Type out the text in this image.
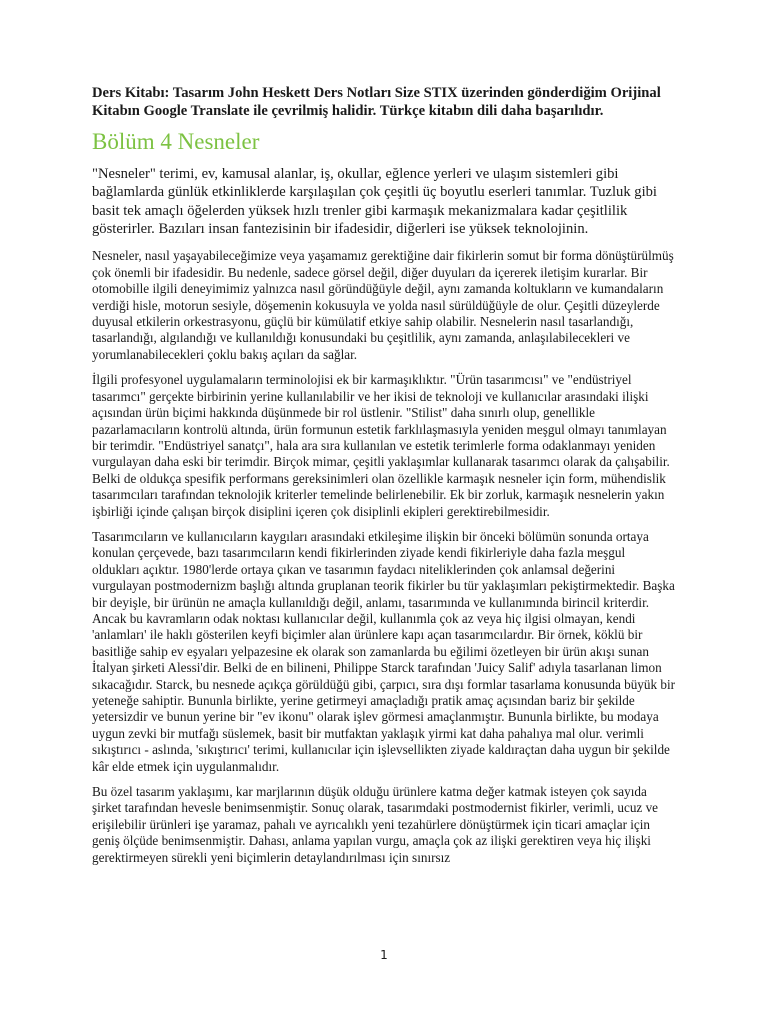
Ders Kitabı: Tasarım John Heskett Ders Notları Size STIX üzerinden gönderdiğim Orijinal Kitabın Google Translate ile çevrilmiş halidir. Türkçe kitabın dili daha başarılıdır.
Bölüm 4 Nesneler

"Nesneler" terimi, ev, kamusal alanlar, iş, okullar, eğlence yerleri ve ulaşım sistemleri gibi bağlamlarda günlük etkinliklerde karşılaşılan çok çeşitli üç boyutlu eserleri tanımlar. Tuzluk gibi basit tek amaçlı öğelerden yüksek hızlı trenler gibi karmaşık mekanizmalara kadar çeşitlilik gösterirler. Bazıları insan fantezisinin bir ifadesidir, diğerleri ise yüksek teknolojinin.

Nesneler, nasıl yaşayabileceğimize veya yaşamamız gerektiğine dair fikirlerin somut bir forma dönüştürülmüş çok önemli bir ifadesidir. Bu nedenle, sadece görsel değil, diğer duyuları da içererek iletişim kurarlar. Bir otomobille ilgili deneyimimiz yalnızca nasıl göründüğüyle değil, aynı zamanda koltukların ve kumandaların verdiği hisle, motorun sesiyle, döşemenin kokusuyla ve yolda nasıl sürüldüğüyle de olur. Çeşitli düzeylerde duyusal etkilerin orkestrasyonu, güçlü bir kümülatif etkiye sahip olabilir. Nesnelerin nasıl tasarlandığı, tasarlandığı, algılandığı ve kullanıldığı konusundaki bu çeşitlilik, aynı zamanda, anlaşılabilecekleri ve yorumlanabilecekleri çoklu bakış açıları da sağlar.

İlgili profesyonel uygulamaların terminolojisi ek bir karmaşıklıktır. "Ürün tasarımcısı" ve "endüstriyel tasarımcı" gerçekte birbirinin yerine kullanılabilir ve her ikisi de teknoloji ve kullanıcılar arasındaki ilişki açısından ürün biçimi hakkında düşünmede bir rol üstlenir. "Stilist" daha sınırlı olup, genellikle pazarlamacıların kontrolü altında, ürün formunun estetik farklılaşmasıyla yeniden meşgul olmayı tanımlayan bir terimdir. "Endüstriyel sanatçı", hala ara sıra kullanılan ve estetik terimlerle forma odaklanmayı yeniden vurgulayan daha eski bir terimdir. Birçok mimar, çeşitli yaklaşımlar kullanarak tasarımcı olarak da çalışabilir. Belki de oldukça spesifik performans gereksinimleri olan özellikle karmaşık nesneler için form, mühendislik tasarımcıları tarafından teknolojik kriterler temelinde belirlenebilir. Ek bir zorluk, karmaşık nesnelerin yakın işbirliği içinde çalışan birçok disiplini içeren çok disiplinli ekipleri gerektirebilmesidir.

Tasarımcıların ve kullanıcıların kaygıları arasındaki etkileşime ilişkin bir önceki bölümün sonunda ortaya konulan çerçevede, bazı tasarımcıların kendi fikirlerinden ziyade kendi fikirleriyle daha fazla meşgul oldukları açıktır. 1980'lerde ortaya çıkan ve tasarımın faydacı niteliklerinden çok anlamsal değerini vurgulayan postmodernizm başlığı altında gruplanan teorik fikirler bu tür yaklaşımları pekiştirmektedir. Başka bir deyişle, bir ürünün ne amaçla kullanıldığı değil, anlamı, tasarımında ve kullanımında birincil kriterdir. Ancak bu kavramların odak noktası kullanıcılar değil, kullanımla çok az veya hiç ilgisi olmayan, kendi 'anlamları' ile haklı gösterilen keyfi biçimler alan ürünlere kapı açan tasarımcılardır. Bir örnek, köklü bir basitliğe sahip ev eşyaları yelpazesine ek olarak son zamanlarda bu eğilimi özetleyen bir ürün akışı sunan İtalyan şirketi Alessi'dir. Belki de en bilineni, Philippe Starck tarafından 'Juicy Salif' adıyla tasarlanan limon sıkacağıdır. Starck, bu nesnede açıkça görüldüğü gibi, çarpıcı, sıra dışı formlar tasarlama konusunda büyük bir yeteneğe sahiptir. Bununla birlikte, yerine getirmeyi amaçladığı pratik amaç açısından bariz bir şekilde yetersizdir ve bunun yerine bir "ev ikonu" olarak işlev görmesi amaçlanmıştır. Bununla birlikte, bu modaya uygun zevki bir mutfağı süslemek, basit bir mutfaktan yaklaşık yirmi kat daha pahalıya mal olur. verimli sıkıştırıcı - aslında, 'sıkıştırıcı' terimi, kullanıcılar için işlevsellikten ziyade kaldıraçtan daha uygun bir şekilde kâr elde etmek için uygulanmalıdır.

Bu özel tasarım yaklaşımı, kar marjlarının düşük olduğu ürünlere katma değer katmak isteyen çok sayıda şirket tarafından hevesle benimsenmiştir. Sonuç olarak, tasarımdaki postmodernist fikirler, verimli, ucuz ve erişilebilir ürünleri işe yaramaz, pahalı ve ayrıcalıklı yeni tezahürlere dönüştürmek için ticari amaçlar için geniş ölçüde benimsenmiştir. Dahası, anlama yapılan vurgu, amaçla çok az ilişki gerektiren veya hiç ilişki gerektirmeyen sürekli yeni biçimlerin detaylandırılması için sınırsız

1
